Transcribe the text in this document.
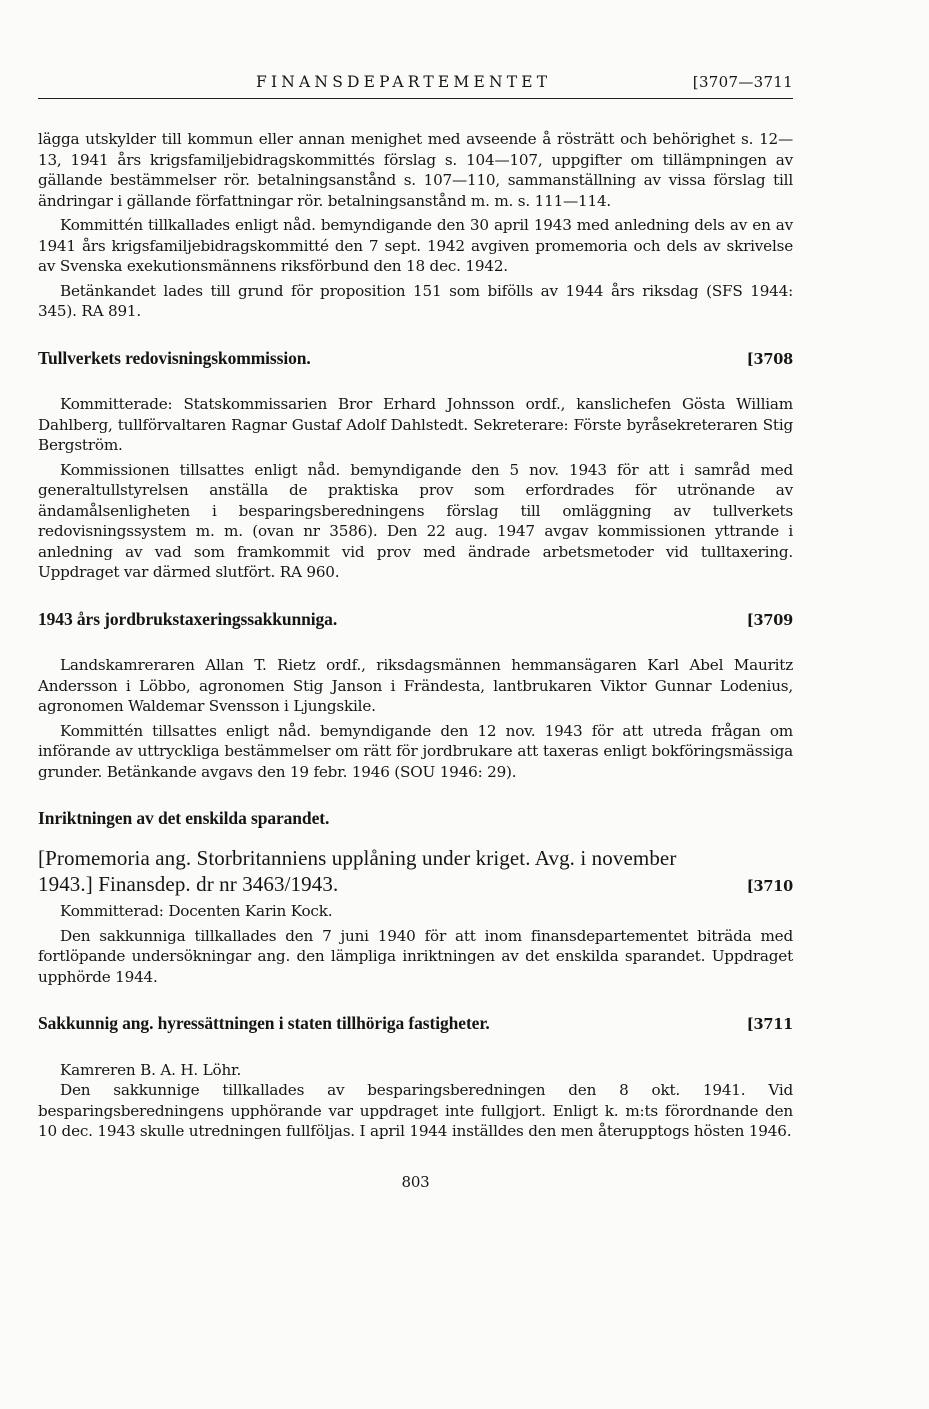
FINANSDEPARTEMENTET	[3707—3711

lägga utskylder till kommun eller annan menighet med avseende å rösträtt och behörighet s. 12—13, 1941 års krigsfamiljebidragskommittés förslag s. 104—107, uppgifter om tillämpningen av gällande bestämmelser rör. betalningsanstånd s. 107—110, sammanställning av vissa förslag till ändringar i gällande författningar rör. betalningsanstånd m. m. s. 111—114.

Kommittén tillkallades enligt nåd. bemyndigande den 30 april 1943 med anledning dels av en av 1941 års krigsfamiljebidragskommitté den 7 sept. 1942 avgiven promemoria och dels av skrivelse av Svenska exekutionsmännens riksförbund den 18 dec. 1942.

Betänkandet lades till grund för proposition 151 som bifölls av 1944 års riksdag (SFS 1944: 345). RA 891.

Tullverkets redovisningskommission.	[3708

Kommitterade: Statskommissarien Bror Erhard Johnsson ordf., kanslichefen Gösta William Dahlberg, tullförvaltaren Ragnar Gustaf Adolf Dahlstedt. Sekreterare: Förste byråsekreteraren Stig Bergström.

Kommissionen tillsattes enligt nåd. bemyndigande den 5 nov. 1943 för att i samråd med generaltullstyrelsen anställa de praktiska prov som erfordrades för utrönande av ändamålsenligheten i besparingsberedningens förslag till omläggning av tullverkets redovisningssystem m. m. (ovan nr 3586). Den 22 aug. 1947 avgav kommissionen yttrande i anledning av vad som framkommit vid prov med ändrade arbetsmetoder vid tulltaxering. Uppdraget var därmed slutfört. RA 960.

1943 års jordbrukstaxeringssakkunniga.	[3709

Landskamreraren Allan T. Rietz ordf., riksdagsmännen hemmansägaren Karl Abel Mauritz Andersson i Löbbo, agronomen Stig Janson i Frändesta, lantbrukaren Viktor Gunnar Lodenius, agronomen Waldemar Svensson i Ljungskile.

Kommittén tillsattes enligt nåd. bemyndigande den 12 nov. 1943 för att utreda frågan om införande av uttryckliga bestämmelser om rätt för jordbrukare att taxeras enligt bokföringsmässiga grunder. Betänkande avgavs den 19 febr. 1946 (SOU 1946: 29).

Inriktningen av det enskilda sparandet.
[Promemoria ang. Storbritanniens upplåning under kriget. Avg. i november
1943.] Finansdep. dr nr 3463/1943.	[3710

Kommitterad: Docenten Karin Kock.

Den sakkunniga tillkallades den 7 juni 1940 för att inom finansdepartementet biträda med fortlöpande undersökningar ang. den lämpliga inriktningen av det enskilda sparandet. Uppdraget upphörde 1944.

Sakkunnig ang. hyressättningen i staten tillhöriga fastigheter.	[3711

Kamreren B. A. H. Löhr.

Den sakkunnige tillkallades av besparingsberedningen den 8 okt. 1941. Vid besparingsberedningens upphörande var uppdraget inte fullgjort. Enligt k. m:ts förordnande den 10 dec. 1943 skulle utredningen fullföljas. I april 1944 inställdes den men återupptogs hösten 1946.

803
